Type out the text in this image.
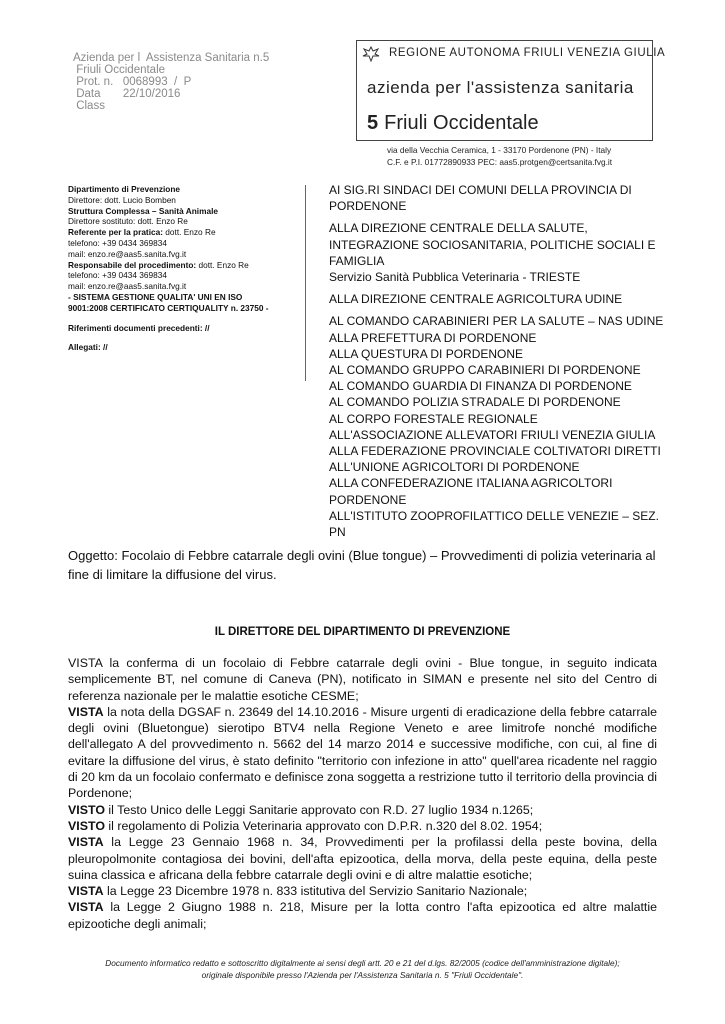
Azienda per l  Assistenza Sanitaria n.5
Friuli Occidentale
Prot. n.   0068993  /  P
Data       22/10/2016
Class
REGIONE AUTONOMA FRIULI VENEZIA GIULIA
azienda per l'assistenza sanitaria
5 Friuli Occidentale
via della Vecchia Ceramica, 1 - 33170 Pordenone (PN) - Italy
C.F. e P.I. 01772890933 PEC: aas5.protgen@certsanita.fvg.it
Dipartimento di Prevenzione
Direttore: dott. Lucio Bomben
Struttura Complessa – Sanità Animale
Direttore sostituto: dott. Enzo Re
Referente per la pratica: dott. Enzo Re
telefono: +39 0434 369834
mail: enzo.re@aas5.sanita.fvg.it
Responsabile del procedimento: dott. Enzo Re
telefono: +39 0434 369834
mail: enzo.re@aas5.sanita.fvg.it
- SISTEMA GESTIONE QUALITA' UNI EN ISO
9001:2008 CERTIFICATO CERTIQUALITY n. 23750 -
Riferimenti documenti precedenti: //
Allegati: //
AI SIG.RI SINDACI DEI COMUNI DELLA PROVINCIA DI PORDENONE
ALLA DIREZIONE CENTRALE DELLA SALUTE, INTEGRAZIONE SOCIOSANITARIA, POLITICHE SOCIALI E FAMIGLIA
Servizio Sanità Pubblica Veterinaria - TRIESTE
ALLA DIREZIONE CENTRALE AGRICOLTURA UDINE
AL COMANDO CARABINIERI PER LA SALUTE – NAS UDINE
ALLA PREFETTURA DI PORDENONE
ALLA QUESTURA DI PORDENONE
AL COMANDO GRUPPO CARABINIERI DI PORDENONE
AL COMANDO GUARDIA DI FINANZA DI PORDENONE
AL COMANDO POLIZIA STRADALE DI PORDENONE
AL CORPO FORESTALE REGIONALE
ALL'ASSOCIAZIONE ALLEVATORI FRIULI VENEZIA GIULIA
ALLA FEDERAZIONE PROVINCIALE COLTIVATORI DIRETTI
ALL'UNIONE AGRICOLTORI DI PORDENONE
ALLA CONFEDERAZIONE ITALIANA AGRICOLTORI PORDENONE
ALL'ISTITUTO ZOOPROFILATTICO DELLE VENEZIE – SEZ. PN
Oggetto: Focolaio di Febbre catarrale degli ovini (Blue tongue) – Provvedimenti di polizia veterinaria al fine di limitare la diffusione del virus.
IL DIRETTORE DEL DIPARTIMENTO DI PREVENZIONE

VISTA la conferma di un focolaio di Febbre catarrale degli ovini - Blue tongue, in seguito indicata semplicemente BT, nel comune di Caneva (PN), notificato in SIMAN e presente nel sito del Centro di referenza nazionale per le malattie esotiche CESME;

VISTA la nota della DGSAF n. 23649 del 14.10.2016 - Misure urgenti di eradicazione della febbre catarrale degli ovini (Bluetongue) sierotipo BTV4 nella Regione Veneto e aree limitrofe nonché modifiche dell'allegato A del provvedimento n. 5662 del 14 marzo 2014 e successive modifiche, con cui, al fine di evitare la diffusione del virus, è stato definito "territorio con infezione in atto" quell'area ricadente nel raggio di 20 km da un focolaio confermato e definisce zona soggetta a restrizione tutto il territorio della provincia di Pordenone;

VISTO il Testo Unico delle Leggi Sanitarie approvato con R.D. 27 luglio 1934 n.1265;

VISTO il regolamento di Polizia Veterinaria approvato con D.P.R. n.320 del 8.02. 1954;

VISTA la Legge 23 Gennaio 1968 n. 34, Provvedimenti per la profilassi della peste bovina, della pleuropolmonite contagiosa dei bovini, dell'afta epizootica, della morva, della peste equina, della peste suina classica e africana della febbre catarrale degli ovini e di altre malattie esotiche;

VISTA la Legge 23 Dicembre 1978 n. 833 istitutiva del Servizio Sanitario Nazionale;

VISTA la Legge 2 Giugno 1988 n. 218, Misure per la lotta contro l'afta epizootica ed altre malattie epizootiche degli animali;

Documento informatico redatto e sottoscritto digitalmente ai sensi degli artt. 20 e 21 del d.lgs. 82/2005 (codice dell'amministrazione digitale);
originale disponibile presso l'Azienda per l'Assistenza Sanitaria n. 5 "Friuli Occidentale".
